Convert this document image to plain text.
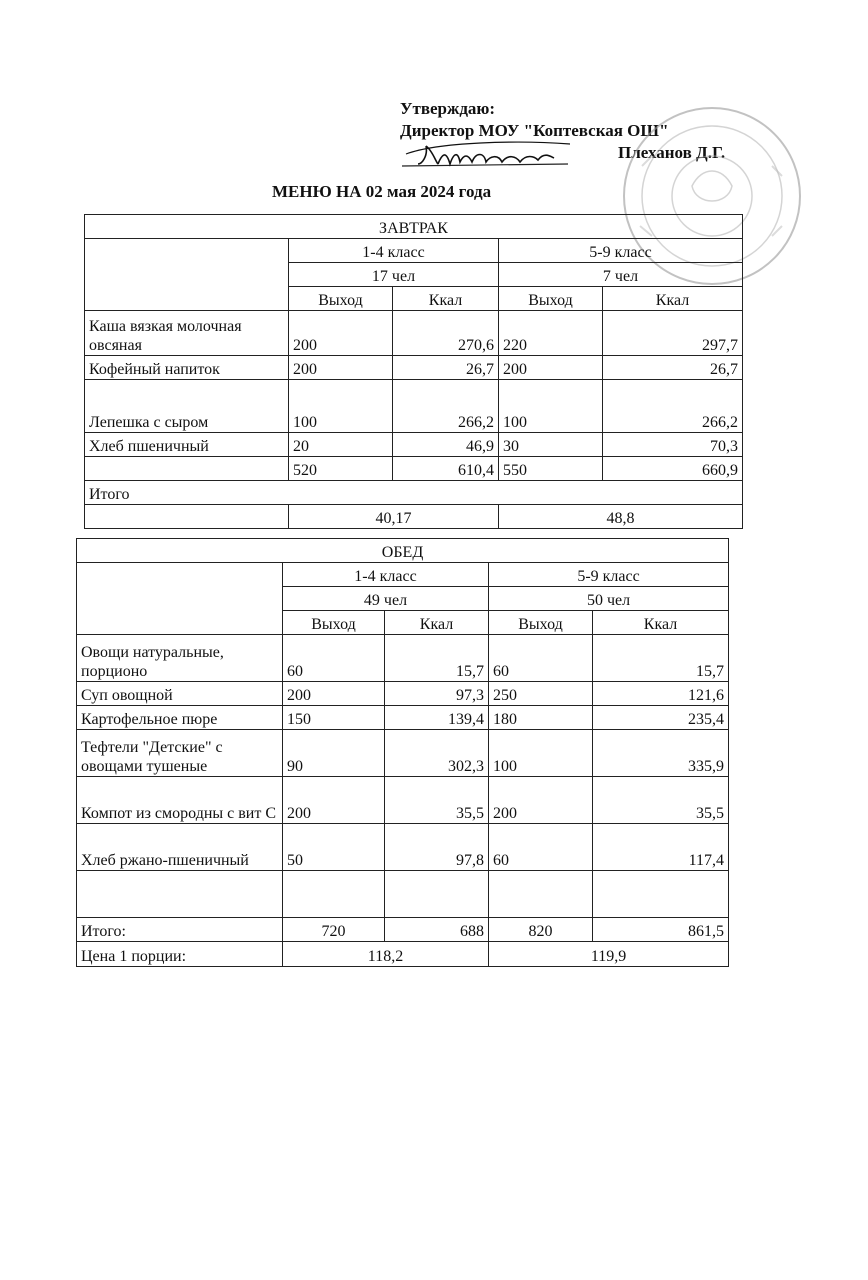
Утверждаю:
Директор МОУ "Коптевская ОШ"
Плеханов Д.Г.
МЕНЮ НА 02 мая 2024 года
ЗАВТРАК				
	1-4 класс		5-9 класс	
	17 чел		7 чел	
	Выход	Ккал	Выход	Ккал
Каша вязкая молочная овсяная	200	270,6	220	297,7
Кофейный напиток	200	26,7	200	26,7
Лепешка с сыром	100	266,2	100	266,2
Хлеб пшеничный	20	46,9	30	70,3
	520	610,4	550	660,9
Итого				
	40,17		48,8	
ОБЕД				
	1-4 класс		5-9 класс	
	49 чел		50 чел	
	Выход	Ккал	Выход	Ккал
Овощи натуральные, порционо	60	15,7	60	15,7
Суп овощной	200	97,3	250	121,6
Картофельное пюре	150	139,4	180	235,4
Тефтели "Детские" с овощами тушеные	90	302,3	100	335,9
Компот из смородны с вит С	200	35,5	200	35,5
Хлеб ржано-пшеничный	50	97,8	60	117,4

Итого:	720	688	820	861,5
Цена 1 порции:	118,2		119,9	
